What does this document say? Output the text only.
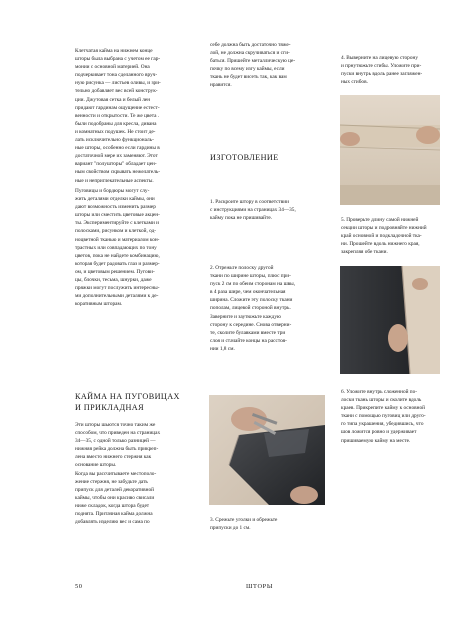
Клетчатая кайма на нижнем конце
шторы была выбрана с учетом ее гар-
монии с основной материей. Она
подчеркивает тона сделанного вруч-
ную рисунка — листьев оливы, и зри-
тельно добавляет вес всей конструк-
ции. Джутовая сетка и белый лен
придают гардинам ощущение естест-
венности и открытости. Те же цвета .
были подобраны для кресла, дивана
и комнатных подушек. Не стоит де-
лать исключительно функциональ-
ные шторы, особенно если гардины в
достаточной мере их заменяют. Этот
вариант "полушторы" обладает цен-
ным свойством скрывать нежелатель-
ные и неприглекательные аспекты.
Пуговицы и бордюры могут слу-
жить деталями отделки каймы, они
дают возможность изменить размер
шторы или сместить цветовые акцен-
ты. Экспериментируйте с клетками и
полосками, рисунком и клеткой, од-
ноцветной тканью и материалом кон-
трастных или совпадающих по тону
цветов, пока не найдете комбинацию,
которая будет радовать глаз и размер-
ом, и цветовым решением. Пугови-
цы, блочки, тесьма, шнурки, даже
пряжки могут послужить интересны-
ми дополнительными деталями к де-
коративным шторам.
КАЙМА НА ПУГОВИЦАХ
И ПРИКЛАДНАЯ
Эти шторы шьются точно таким же
способом, что приведен на страницах
34—35, с одной только разницей —
нижняя рейка должна быть прикреп-
лена вместо нижнего стержня как
основание шторы.
Когда вы рассчитываете местополо-
жение стержня, не забудьте дать
припуск для деталей декоративной
каймы, чтобы они красиво свисали
ниже складок, когда штора будет
поднята. Притачная кайма должна
добавлять изделию вес и сама по
себе должна быть достаточно тяже-
лой, не должна скручиваться и сги-
баться. Пришейте металлическую це-
почку по всему изгу каймы, если
ткань не будет висеть так, как вам
нравится.
ИЗГОТОВЛЕНИЕ
1. Раскроите штору в соответствии
с инструкциями на страницах 34—35,
кайму пока не пришивайте.
2. Отрежьте полоску другой
ткани по ширине шторы, плюс при-
пуск 2 см по обеим сторонам на швы,
в 4 раза шире, чем окончательная
ширина. Сложите эту полоску ткани
пополам, лицевой стороной внутрь.
Заверните и заутюжьте каждую
сторону к середине. Снова отверни-
те, сколите булавками вместе три
слоя и стачайте концы на расстоя-
нии 1,8 см.
3. Срежьте уголки и обрежьте
припуски до 1 см.
4. Выверните на лицевую сторону
и прнутюжьте сгибы. Уложите при-
пуски внутрь вдоль ранее загляжен-
ных сгибов.
5. Проверьте длину самой нижней
секции шторы и подровняйте нижний
край основной и подкладочной тка-
ни. Прошейте вдоль нижнего края,
закрепляя обе ткани.
6. Уложите внутрь сложенной по-
лоски ткань шторы и сколите вдоль
краев. Прикрепите кайму к основной
ткани с помощью пуговиц или друго-
го типа украшения, убедившись, что
шов ложится ровно и удерживает
пришиваемую кайму на месте.
50	ШТОРЫ
